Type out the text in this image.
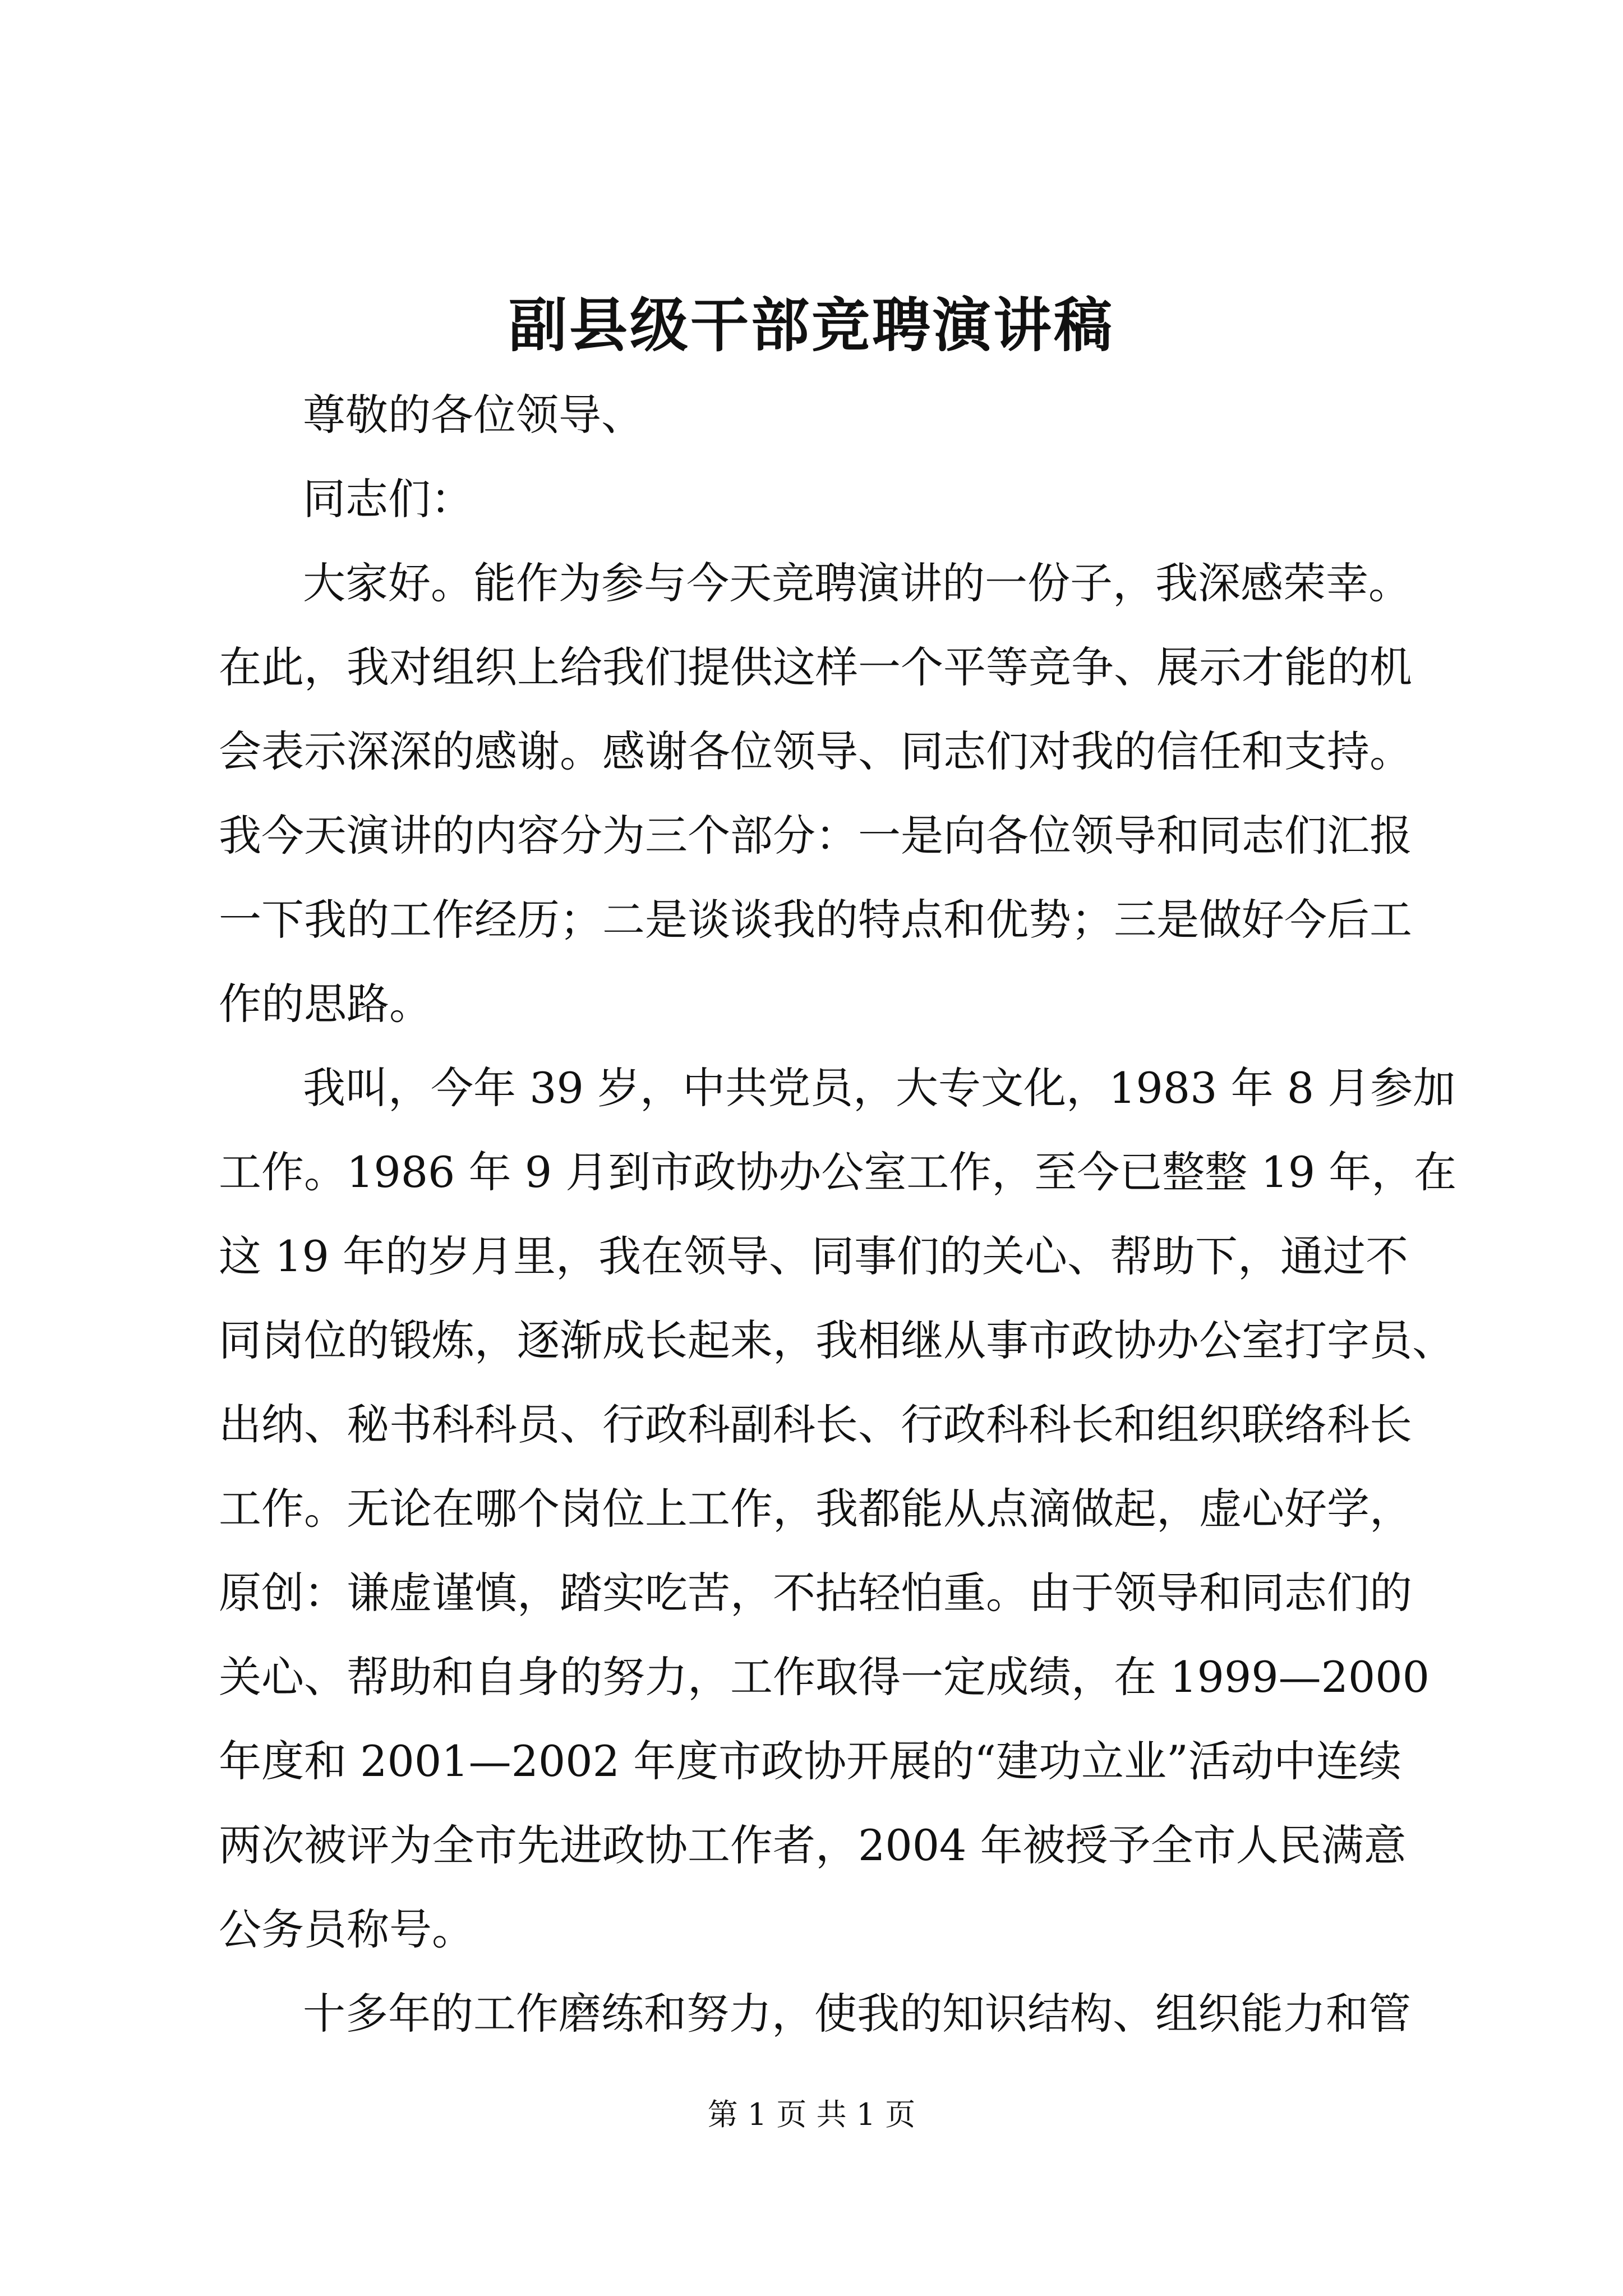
副县级干部竞聘演讲稿

尊敬的各位领导、

同志们：

大家好。能作为参与今天竞聘演讲的一份子，我深感荣幸。

在此，我对组织上给我们提供这样一个平等竞争、展示才能的机

会表示深深的感谢。感谢各位领导、同志们对我的信任和支持。

我今天演讲的内容分为三个部分：一是向各位领导和同志们汇报

一下我的工作经历；二是谈谈我的特点和优势；三是做好今后工

作的思路。

我叫，今年 39 岁，中共党员，大专文化，1983 年 8 月参加

工作。1986 年 9 月到市政协办公室工作，至今已整整 19 年，在

这 19 年的岁月里，我在领导、同事们的关心、帮助下，通过不

同岗位的锻炼，逐渐成长起来，我相继从事市政协办公室打字员、

出纳、秘书科科员、行政科副科长、行政科科长和组织联络科长

工作。无论在哪个岗位上工作，我都能从点滴做起，虚心好学，

原创：谦虚谨慎，踏实吃苦，不拈轻怕重。由于领导和同志们的

关心、帮助和自身的努力，工作取得一定成绩，在 1999—2000

年度和 2001—2002 年度市政协开展的“建功立业”活动中连续

两次被评为全市先进政协工作者，2004 年被授予全市人民满意

公务员称号。

十多年的工作磨练和努力，使我的知识结构、组织能力和管

第 1 页 共 1 页
